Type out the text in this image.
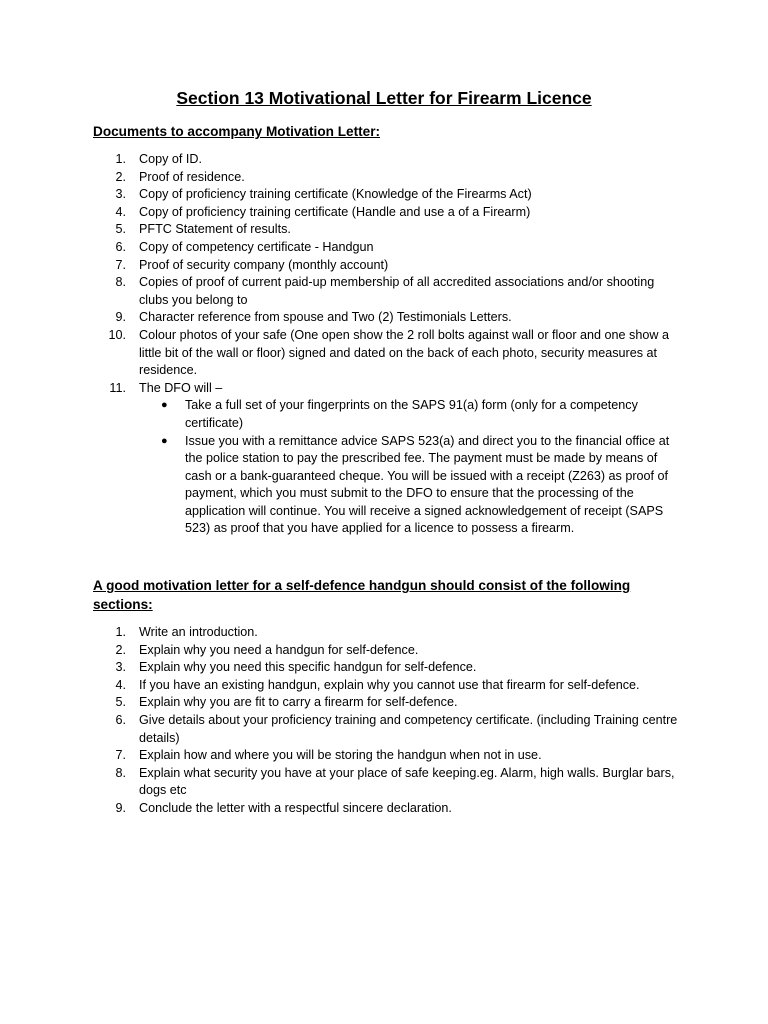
Section 13 Motivational Letter for Firearm Licence
Documents to accompany Motivation Letter:
1. Copy of ID.
2. Proof of residence.
3. Copy of proficiency training certificate (Knowledge of the Firearms Act)
4. Copy of proficiency training certificate (Handle and use a of a Firearm)
5. PFTC Statement of results.
6. Copy of competency certificate - Handgun
7. Proof of security company (monthly account)
8. Copies of proof of current paid-up membership of all accredited associations and/or shooting clubs you belong to
9. Character reference from spouse and Two (2) Testimonials Letters.
10. Colour photos of your safe (One open show the 2 roll bolts against wall or floor and one show a little bit of the wall or floor) signed and dated on the back of each photo, security measures at residence.
11. The DFO will –
● Take a full set of your fingerprints on the SAPS 91(a) form (only for a competency certificate)
● Issue you with a remittance advice SAPS 523(a) and direct you to the financial office at the police station to pay the prescribed fee. The payment must be made by means of cash or a bank-guaranteed cheque. You will be issued with a receipt (Z263) as proof of payment, which you must submit to the DFO to ensure that the processing of the application will continue. You will receive a signed acknowledgement of receipt (SAPS 523) as proof that you have applied for a licence to possess a firearm.
A good motivation letter for a self-defence handgun should consist of the following sections:
1. Write an introduction.
2. Explain why you need a handgun for self-defence.
3. Explain why you need this specific handgun for self-defence.
4. If you have an existing handgun, explain why you cannot use that firearm for self-defence.
5. Explain why you are fit to carry a firearm for self-defence.
6. Give details about your proficiency training and competency certificate. (including Training centre details)
7. Explain how and where you will be storing the handgun when not in use.
8. Explain what security you have at your place of safe keeping.eg. Alarm, high walls. Burglar bars, dogs etc
9. Conclude the letter with a respectful sincere declaration.
